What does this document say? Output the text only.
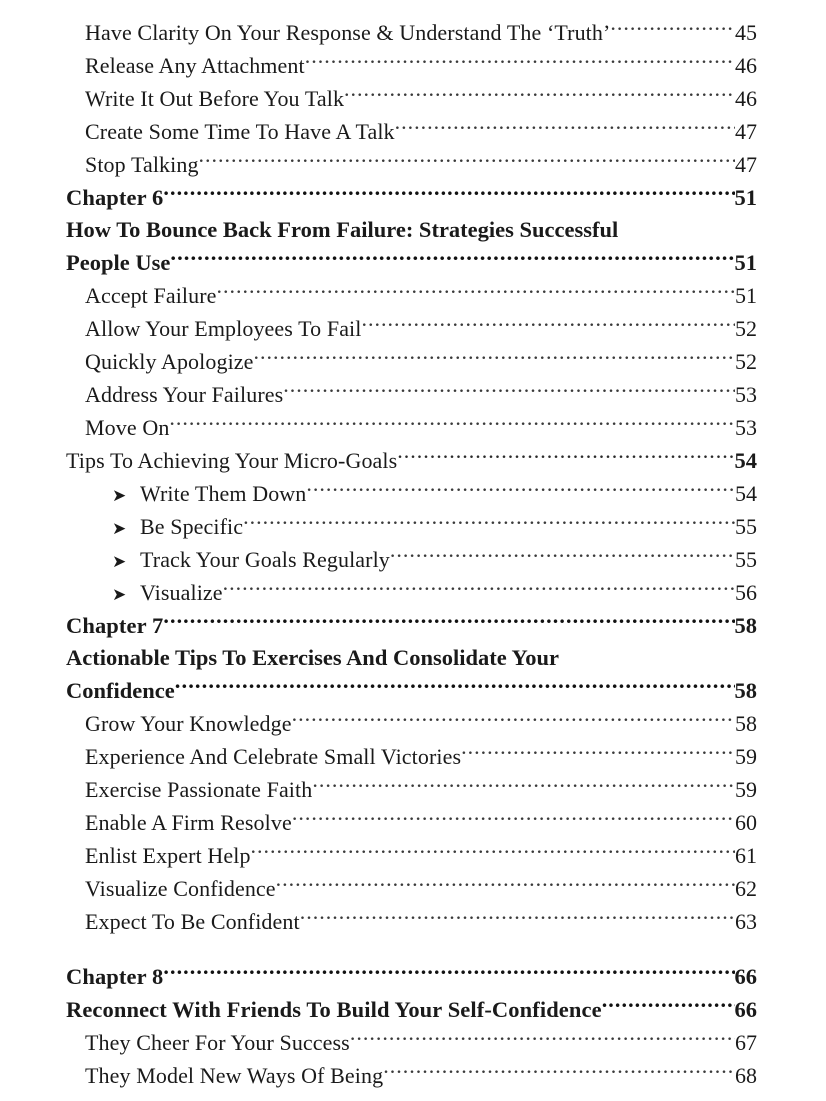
Have Clarity On Your Response & Understand The ‘Truth’ .....	45
Release Any Attachment .....	46
Write It Out Before You Talk .....	46
Create Some Time To Have A Talk .....	47
Stop Talking .....	47
Chapter 6 .....	51
How To Bounce Back From Failure: Strategies Successful
People Use .....	51
Accept Failure .....	51
Allow Your Employees To Fail .....	52
Quickly Apologize .....	52
Address Your Failures .....	53
Move On .....	53
Tips To Achieving Your Micro-Goals .....	54
➤ Write Them Down .....	54
➤ Be Specific .....	55
➤ Track Your Goals Regularly .....	55
➤ Visualize .....	56
Chapter 7 .....	58
Actionable Tips To Exercises And Consolidate Your
Confidence .....	58
Grow Your Knowledge .....	58
Experience And Celebrate Small Victories .....	59
Exercise Passionate Faith .....	59
Enable A Firm Resolve .....	60
Enlist Expert Help .....	61
Visualize Confidence .....	62
Expect To Be Confident .....	63
Chapter 8 .....	66
Reconnect With Friends To Build Your Self-Confidence .....	66
They Cheer For Your Success .....	67
They Model New Ways Of Being .....	68
